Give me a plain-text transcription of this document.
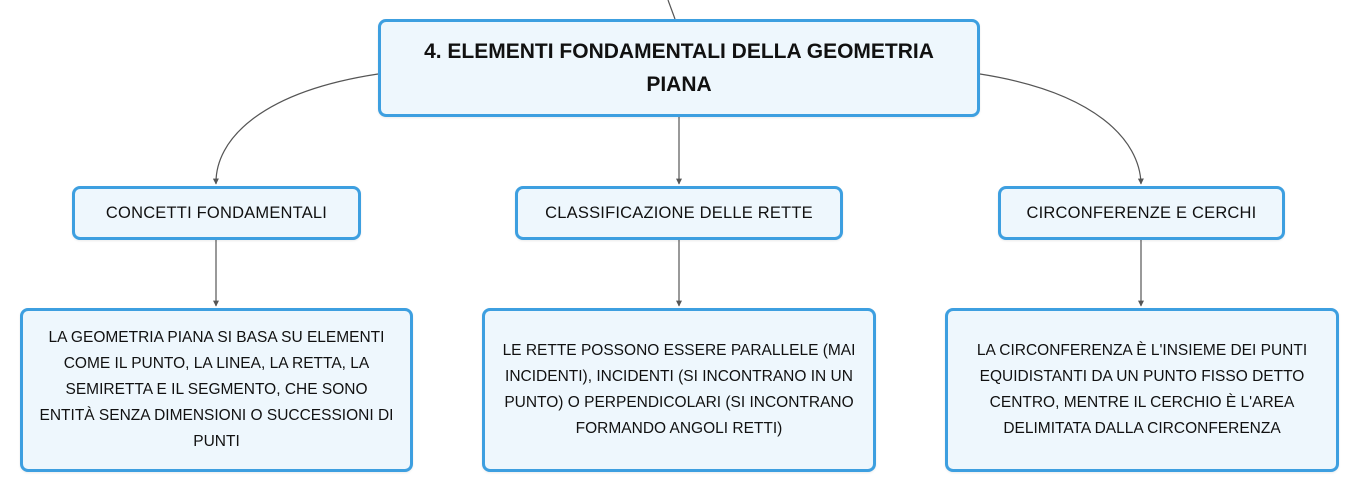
4. ELEMENTI FONDAMENTALI DELLA GEOMETRIA PIANA
CONCETTI FONDAMENTALI	CLASSIFICAZIONE DELLE RETTE	CIRCONFERENZE E CERCHI
LA GEOMETRIA PIANA SI BASA SU ELEMENTI COME IL PUNTO, LA LINEA, LA RETTA, LA SEMIRETTA E IL SEGMENTO, CHE SONO ENTITÀ SENZA DIMENSIONI O SUCCESSIONI DI PUNTI
LE RETTE POSSONO ESSERE PARALLELE (MAI INCIDENTI), INCIDENTI (SI INCONTRANO IN UN PUNTO) O PERPENDICOLARI (SI INCONTRANO FORMANDO ANGOLI RETTI)
LA CIRCONFERENZA È L'INSIEME DEI PUNTI EQUIDISTANTI DA UN PUNTO FISSO DETTO CENTRO, MENTRE IL CERCHIO È L'AREA DELIMITATA DALLA CIRCONFERENZA
